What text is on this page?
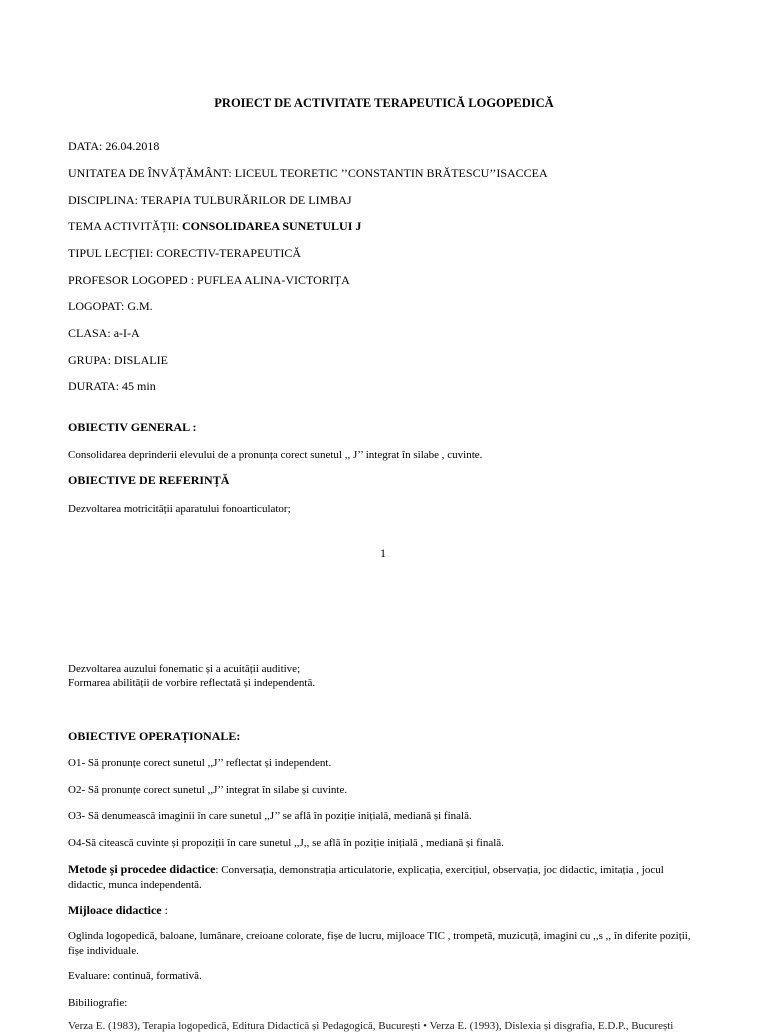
PROIECT DE ACTIVITATE TERAPEUTICĂ LOGOPEDICĂ
DATA: 26.04.2018
UNITATEA DE ÎNVĂȚĂMÂNT: LICEUL TEORETIC ’’CONSTANTIN BRĂTESCU’’ISACCEA
DISCIPLINA: TERAPIA TULBURĂRILOR DE LIMBAJ
TEMA ACTIVITĂȚII: CONSOLIDAREA SUNETULUI J
TIPUL LECȚIEI: CORECTIV-TERAPEUTICĂ
PROFESOR LOGOPED : PUFLEA ALINA-VICTORIȚA
LOGOPAT: G.M.
CLASA: a-I-A
GRUPA: DISLALIE
DURATA: 45 min
OBIECTIV GENERAL :
Consolidarea deprinderii elevului de a pronunța corect sunetul ,, J’’ integrat în silabe , cuvinte.
OBIECTIVE DE REFERINȚĂ
Dezvoltarea motricității aparatului fonoarticulator;
1
Dezvoltarea auzului fonematic și a acuității auditive;
Formarea abilității de vorbire reflectată și independentă.
OBIECTIVE OPERAȚIONALE:
O1- Să pronunțe corect sunetul ,,J’’ reflectat și independent.
O2- Să pronunțe corect sunetul ,,J’’ integrat în silabe și cuvinte.
O3- Să denumească imaginii în care sunetul ,,J’’ se află în poziție inițială, mediană și finală.
O4-Să citească cuvinte și propoziții în care sunetul ,,J,, se află în poziție inițială , mediană și finală.
Metode și procedee didactice: Conversația, demonstrația articulatorie, explicația, exercițiul, observația, joc didactic, imitația , jocul didactic, munca independentă.
Mijloace didactice :
Oglinda logopedică, baloane, lumânare, creioane colorate, fișe de lucru, mijloace TIC , trompetă, muzicuță, imagini cu ,,s ,, în diferite poziții, fișe individuale.
Evaluare: continuă, formativă.
Bibiliografie:
Verza E. (1983), Terapia logopedică, Editura Didactică și Pedagogică, București • Verza E. (1993), Dislexia și disgrafia, E.D.P., București
